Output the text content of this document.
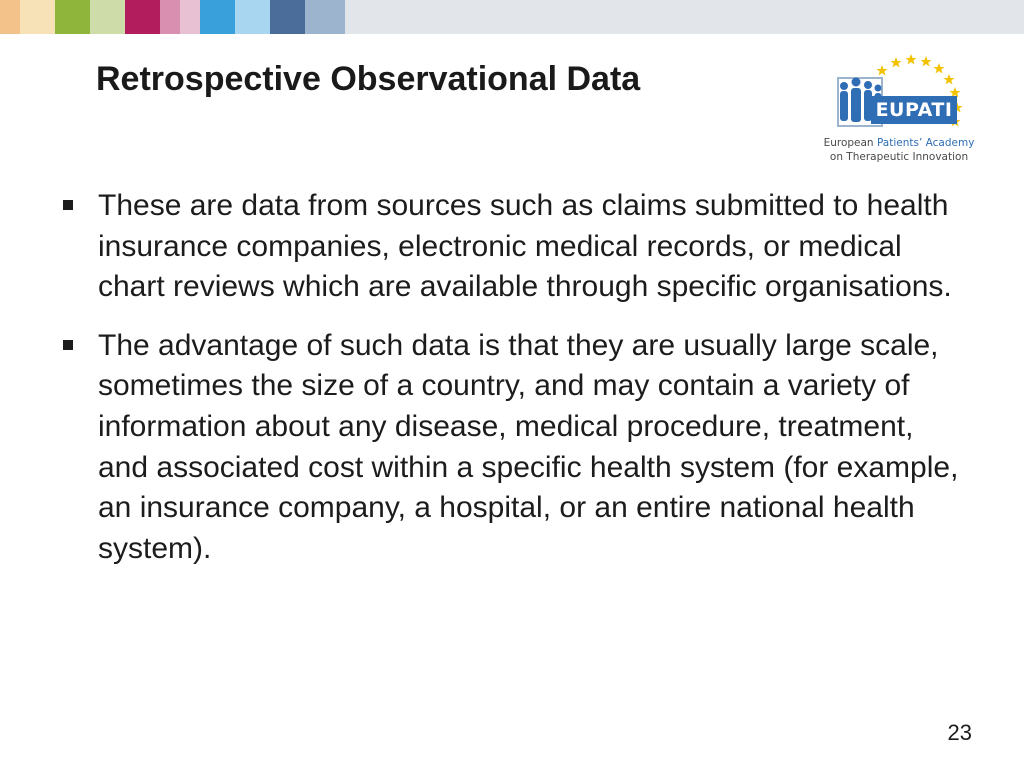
Retrospective Observational Data
EUPATI
European Patients’ Academy
on Therapeutic Innovation
These are data from sources such as claims submitted to health insurance companies, electronic medical records, or medical chart reviews which are available through specific organisations.
The advantage of such data is that they are usually large scale, sometimes the size of a country, and may contain a variety of information about any disease, medical procedure, treatment, and associated cost within a specific health system (for example, an insurance company, a hospital, or an entire national health system).
23
